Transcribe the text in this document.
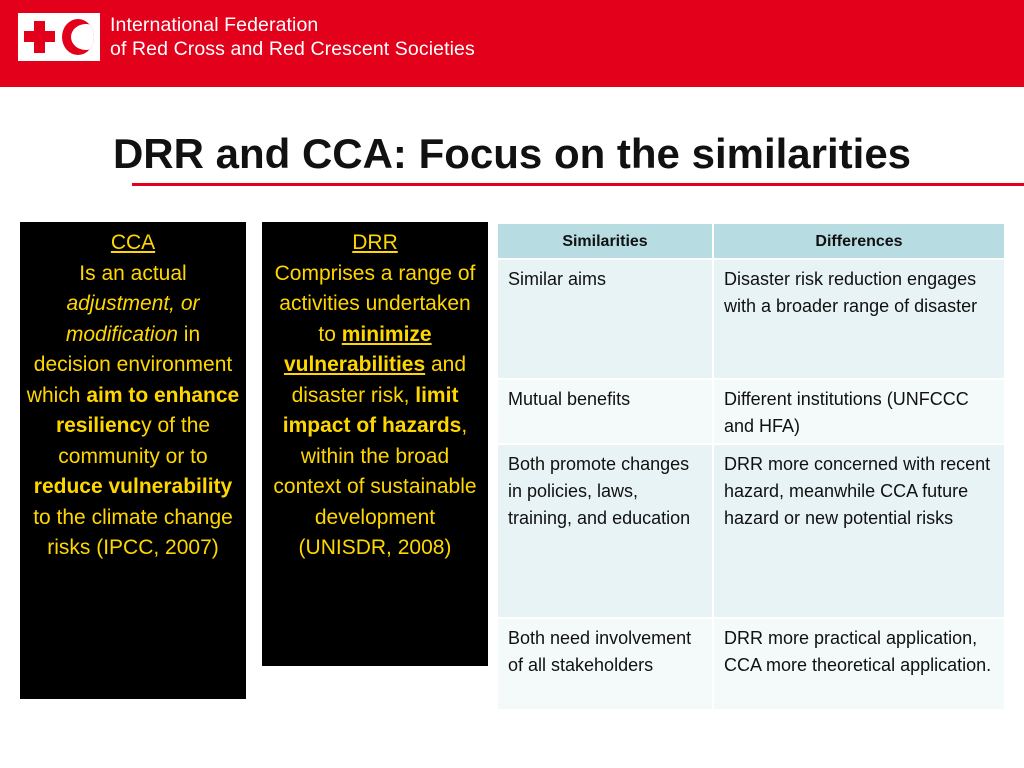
International Federation
of Red Cross and Red Crescent Societies
DRR and CCA: Focus on the similarities
CCA
Is an actual adjustment, or modification in decision environment which aim to enhance resiliency of the community or to reduce vulnerability to the climate change risks (IPCC, 2007)
DRR
Comprises a range of activities undertaken to minimize vulnerabilities and disaster risk, limit impact of hazards, within the broad context of sustainable development (UNISDR, 2008)
Similarities	Differences
Similar aims	Disaster risk reduction engages with a broader range of disaster
Mutual benefits	Different institutions (UNFCCC and HFA)
Both promote changes in policies, laws, training, and education	DRR more concerned with recent hazard, meanwhile CCA future hazard or new potential risks
Both need involvement of all stakeholders	DRR more practical application, CCA more theoretical application.
